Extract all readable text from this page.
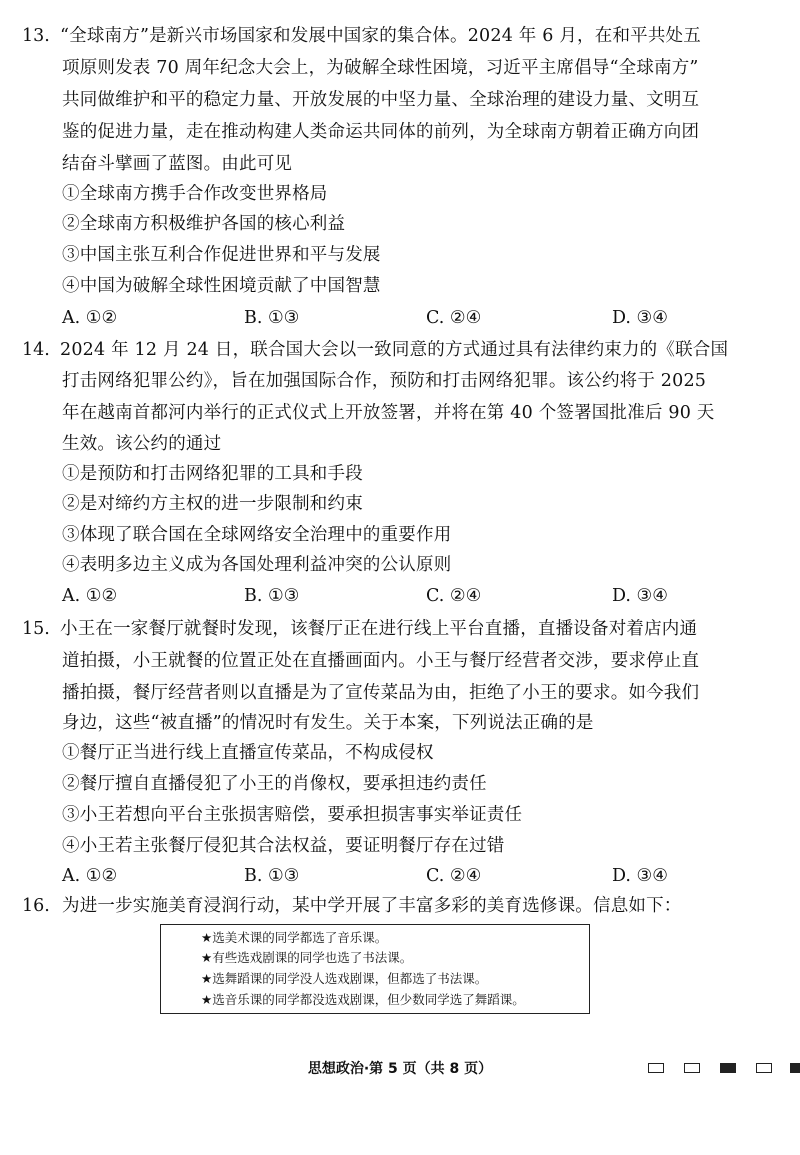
13. “全球南方”是新兴市场国家和发展中国家的集合体。2024 年 6 月，在和平共处五
项原则发表 70 周年纪念大会上，为破解全球性困境，习近平主席倡导“全球南方”
共同做维护和平的稳定力量、开放发展的中坚力量、全球治理的建设力量、文明互
鉴的促进力量，走在推动构建人类命运共同体的前列，为全球南方朝着正确方向团
结奋斗擘画了蓝图。由此可见
①全球南方携手合作改变世界格局
②全球南方积极维护各国的核心利益
③中国主张互利合作促进世界和平与发展
④中国为破解全球性困境贡献了中国智慧
A. ①②	B. ①③	C. ②④	D. ③④
14. 2024 年 12 月 24 日，联合国大会以一致同意的方式通过具有法律约束力的《联合国
打击网络犯罪公约》，旨在加强国际合作，预防和打击网络犯罪。该公约将于 2025
年在越南首都河内举行的正式仪式上开放签署，并将在第 40 个签署国批准后 90 天
生效。该公约的通过
①是预防和打击网络犯罪的工具和手段
②是对缔约方主权的进一步限制和约束
③体现了联合国在全球网络安全治理中的重要作用
④表明多边主义成为各国处理利益冲突的公认原则
A. ①②	B. ①③	C. ②④	D. ③④
15. 小王在一家餐厅就餐时发现，该餐厅正在进行线上平台直播，直播设备对着店内通
道拍摄，小王就餐的位置正处在直播画面内。小王与餐厅经营者交涉，要求停止直
播拍摄，餐厅经营者则以直播是为了宣传菜品为由，拒绝了小王的要求。如今我们
身边，这些“被直播”的情况时有发生。关于本案，下列说法正确的是
①餐厅正当进行线上直播宣传菜品，不构成侵权
②餐厅擅自直播侵犯了小王的肖像权，要承担违约责任
③小王若想向平台主张损害赔偿，要承担损害事实举证责任
④小王若主张餐厅侵犯其合法权益，要证明餐厅存在过错
A. ①②	B. ①③	C. ②④	D. ③④
16. 为进一步实施美育浸润行动，某中学开展了丰富多彩的美育选修课。信息如下：
★选美术课的同学都选了音乐课。
★有些选戏剧课的同学也选了书法课。
★选舞蹈课的同学没人选戏剧课，但都选了书法课。
★选音乐课的同学都没选戏剧课，但少数同学选了舞蹈课。
思想政治·第 5 页（共 8 页）
